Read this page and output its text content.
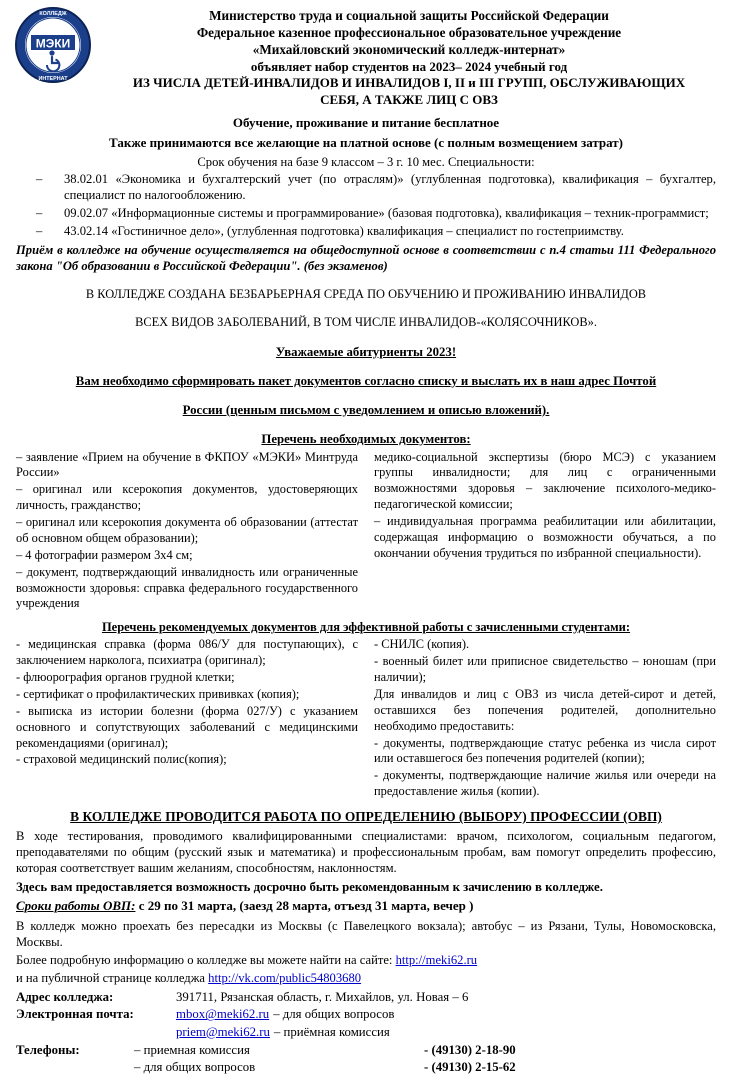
МЭКИ
КОЛЛЕДЖ
ИНТЕРНАТ

Министерство труда и социальной защиты Российской Федерации

Федеральное казенное профессиональное образовательное учреждение

«Михайловский экономический колледж-интернат»

объявляет набор студентов на 2023– 2024 учебный год

ИЗ ЧИСЛА ДЕТЕЙ-ИНВАЛИДОВ И ИНВАЛИДОВ I, II и III ГРУПП, ОБСЛУЖИВАЮЩИХ

СЕБЯ, А ТАКЖЕ ЛИЦ С ОВЗ

Обучение, проживание и питание бесплатное

Также принимаются все желающие на платной основе (с полным возмещением затрат)

Срок обучения на базе 9 классом – 3 г. 10 мес. Специальности:

– 38.02.01 «Экономика и бухгалтерский учет (по отраслям)» (углубленная подготовка), квалификация – бухгалтер, специалист по налогообложению.
– 09.02.07 «Информационные системы и программирование» (базовая подготовка), квалификация – техник-программист;
– 43.02.14 «Гостиничное дело», (углубленная подготовка) квалификация – специалист по гостеприимству.

Приём в колледже на обучение осуществляется на общедоступной основе в соответствии с п.4 статьи 111 Федерального закона "Об образовании в Российской Федерации". (без экзаменов)

В КОЛЛЕДЖЕ СОЗДАНА БЕЗБАРЬЕРНАЯ СРЕДА ПО ОБУЧЕНИЮ И ПРОЖИВАНИЮ ИНВАЛИДОВ

ВСЕХ ВИДОВ ЗАБОЛЕВАНИЙ, В ТОМ ЧИСЛЕ ИНВАЛИДОВ-«КОЛЯСОЧНИКОВ».

Уважаемые абитуриенты 2023!

Вам необходимо сформировать пакет документов согласно списку и выслать их в наш адрес Почтой

России (ценным письмом с уведомлением и описью вложений).

Перечень необходимых документов:

– заявление «Прием на обучение в ФКПОУ «МЭКИ» Минтруда России»

– оригинал или ксерокопия документов, удостоверяющих личность, гражданство;

– оригинал или ксерокопия документа об образовании (аттестат об основном общем образовании);

– 4 фотографии размером 3х4 см;

– документ, подтверждающий инвалидность или ограниченные возможности здоровья: справка федерального государственного учреждения

медико-социальной экспертизы (бюро МСЭ) с указанием группы инвалидности; для лиц с ограниченными возможностями здоровья – заключение психолого-медико-педагогической комиссии;

– индивидуальная программа реабилитации или абилитации, содержащая информацию о возможности обучаться, а по окончании обучения трудиться по избранной специальности).

Перечень рекомендуемых документов для эффективной работы с зачисленными студентами:

- медицинская справка (форма 086/У для поступающих), с заключением нарколога, психиатра (оригинал);

- флюорография органов грудной клетки;

- сертификат о профилактических прививках (копия);

- выписка из истории болезни (форма 027/У) с указанием основного и сопутствующих заболеваний с медицинскими рекомендациями (оригинал);

- страховой медицинский полис(копия);

- СНИЛС (копия).

- военный билет или приписное свидетельство – юношам (при наличии);

Для инвалидов и лиц с ОВЗ из числа детей-сирот и детей, оставшихся без попечения родителей, дополнительно необходимо предоставить:

- документы, подтверждающие статус ребенка из числа сирот или оставшегося без попечения родителей (копии);

- документы, подтверждающие наличие жилья или очереди на предоставление жилья (копии).

В КОЛЛЕДЖЕ ПРОВОДИТСЯ РАБОТА ПО ОПРЕДЕЛЕНИЮ (ВЫБОРУ) ПРОФЕССИИ (ОВП)

В ходе тестирования, проводимого квалифицированными специалистами: врачом, психологом, социальным педагогом, преподавателями по общим (русский язык и математика) и профессиональным пробам, вам помогут определить профессию, которая соответствует вашим желаниям, способностям, наклонностям.

Здесь вам предоставляется возможность досрочно быть рекомендованным к зачислению в колледже.

Сроки работы ОВП: с 29 по 31 марта, (заезд 28 марта, отъезд 31 марта, вечер )

В колледж можно проехать без пересадки из Москвы (с Павелецкого вокзала); автобус – из Рязани, Тулы, Новомосковска, Москвы.

Более подробную информацию о колледже вы можете найти на сайте: http://meki62.ru

и на публичной странице колледжа http://vk.com/public54803680

Адрес колледжа:	391711, Рязанская область, г. Михайлов, ул. Новая – 6
Электронная почта:	mbox@meki62.ru – для общих вопросов
priem@meki62.ru – приёмная комиссия
Телефоны:	– приемная комиссия	- (49130) 2-18-90
– для общих вопросов	- (49130) 2-15-62
